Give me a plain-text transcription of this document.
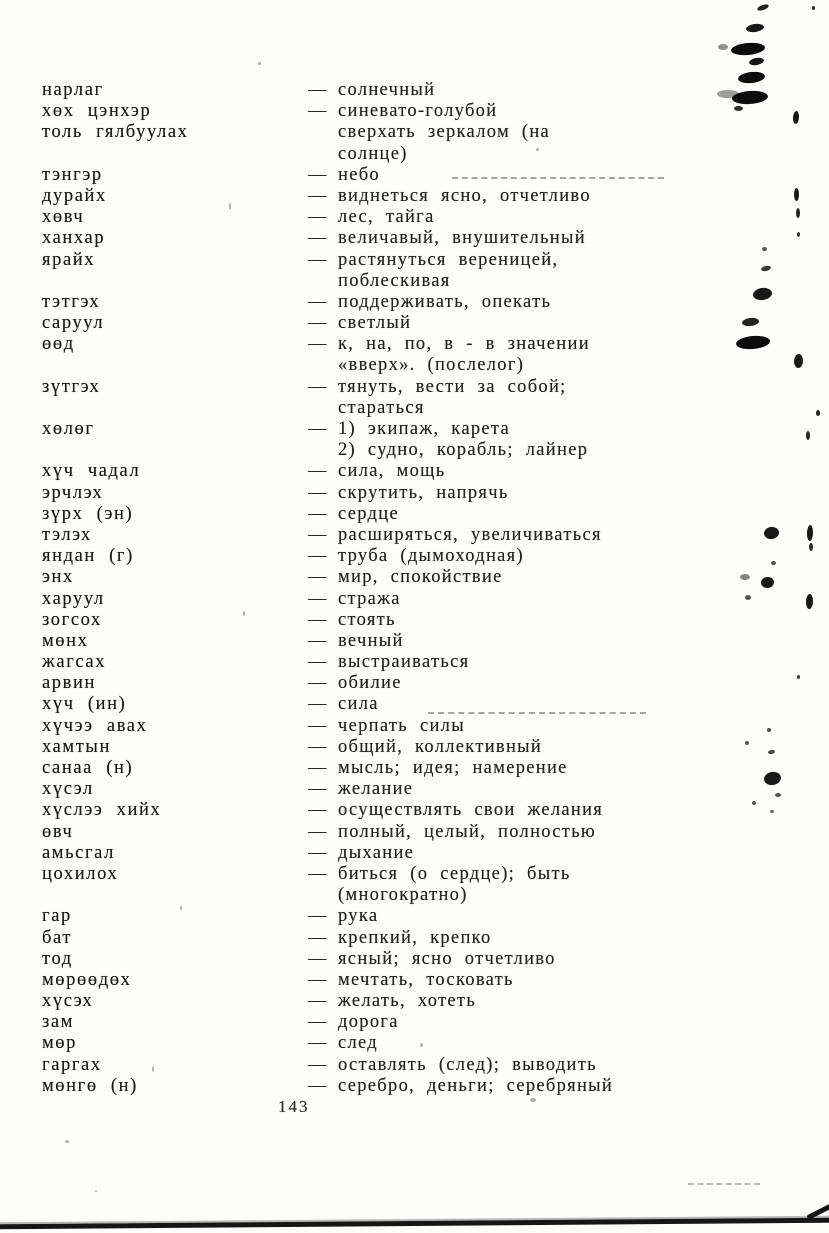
нарлаг	— солнечный
хөх цэнхэр	— синевато-голубой
толь гялбуулах	сверхать зеркалом (на
солнце)
тэнгэр	— небо
дурайх	— виднеться ясно, отчетливо
хөвч	— лес, тайга
ханхар	— величавый, внушительный
ярайх	— растянуться вереницей,
поблескивая
тэтгэх	— поддерживать, опекать
саруул	— светлый
өөд	— к, на, по, в - в значении
«вверх». (послелог)
зүтгэх	— тянуть, вести за собой;
стараться
хөлөг	— 1) экипаж, карета
2) судно, корабль; лайнер
хүч чадал	— сила, мощь
эрчлэх	— скрутить, напрячь
зүрх (эн)	— сердце
тэлэх	— расширяться, увеличиваться
яндан (г)	— труба (дымоходная)
энх	— мир, спокойствие
харуул	— стража
зогсох	— стоять
мөнх	— вечный
жагсах	— выстраиваться
арвин	— обилие
хүч (ин)	— сила
хүчээ авах	— черпать силы
хамтын	— общий, коллективный
санаа (н)	— мысль; идея; намерение
хүсэл	— желание
хүслээ хийх	— осуществлять свои желания
өвч	— полный, целый, полностью
амьсгал	— дыхание
цохилох	— биться (о сердце); быть
(многократно)
гар	— рука
бат	— крепкий, крепко
тод	— ясный; ясно отчетливо
мөрөөдөх	— мечтать, тосковать
хүсэх	— желать, хотеть
зам	— дорога
мөр	— след
гаргах	— оставлять (след); выводить
мөнгө (н)	— серебро, деньги; серебряный
143
